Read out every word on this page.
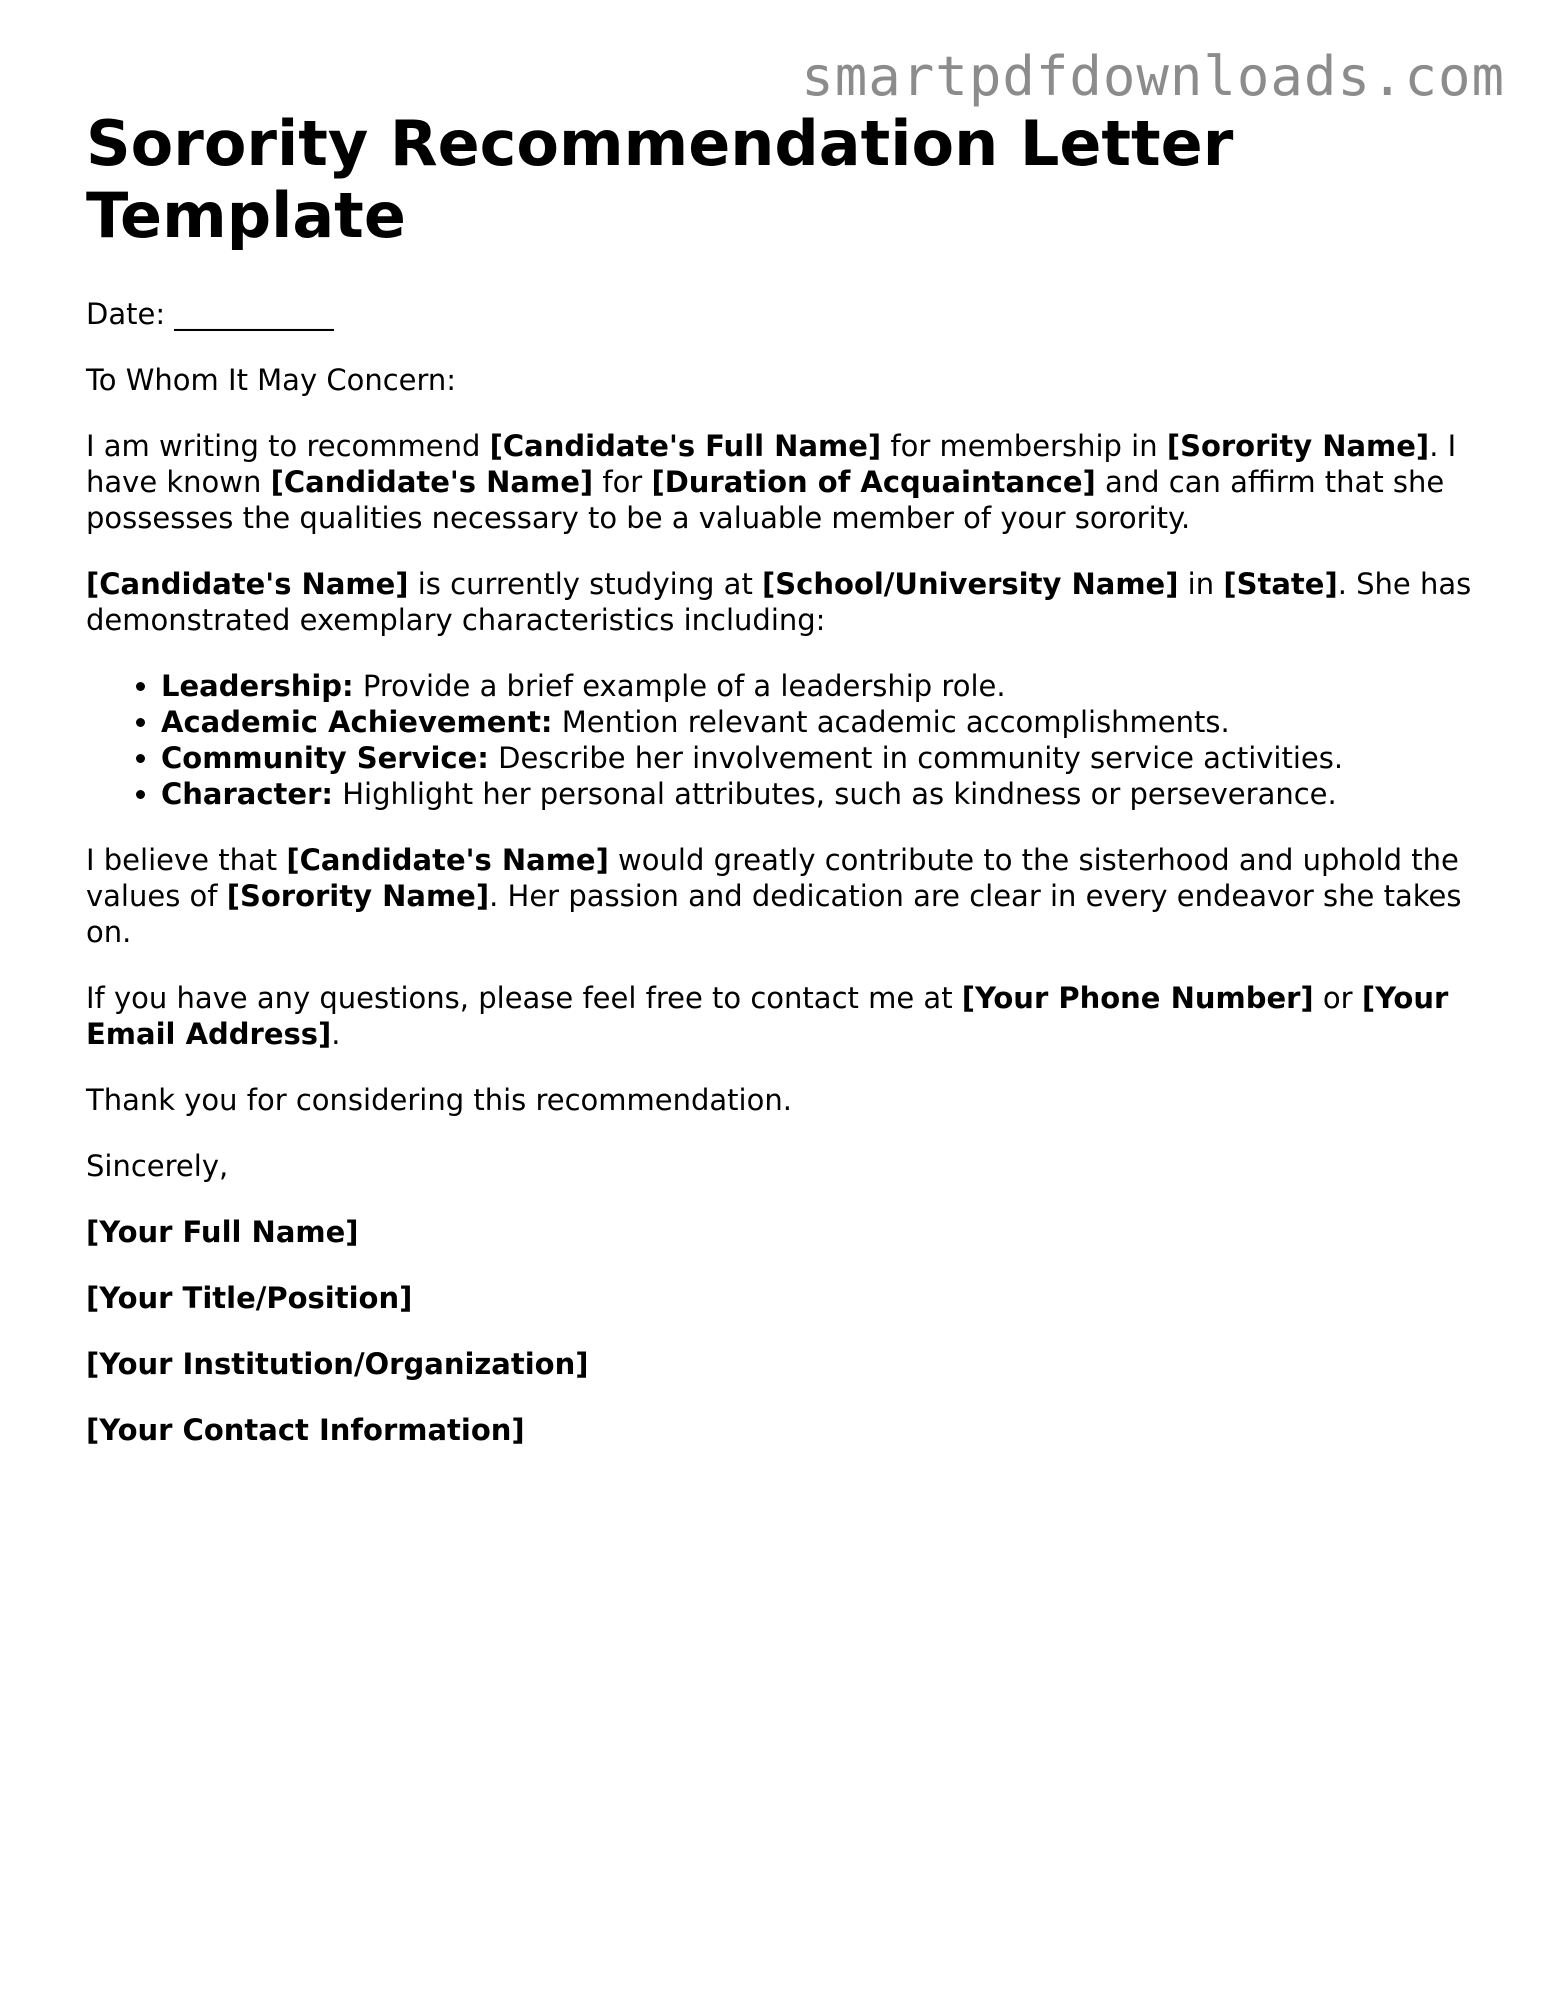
smartpdfdownloads.com
Sorority Recommendation Letter Template

Date: ___________

To Whom It May Concern:

I am writing to recommend [Candidate's Full Name] for membership in [Sorority Name]. I have known [Candidate's Name] for [Duration of Acquaintance] and can affirm that she possesses the qualities necessary to be a valuable member of your sorority.

[Candidate's Name] is currently studying at [School/University Name] in [State]. She has demonstrated exemplary characteristics including:

• Leadership: Provide a brief example of a leadership role.
• Academic Achievement: Mention relevant academic accomplishments.
• Community Service: Describe her involvement in community service activities.
• Character: Highlight her personal attributes, such as kindness or perseverance.

I believe that [Candidate's Name] would greatly contribute to the sisterhood and uphold the values of [Sorority Name]. Her passion and dedication are clear in every endeavor she takes on.

If you have any questions, please feel free to contact me at [Your Phone Number] or [Your Email Address].

Thank you for considering this recommendation.

Sincerely,

[Your Full Name]

[Your Title/Position]

[Your Institution/Organization]

[Your Contact Information]
